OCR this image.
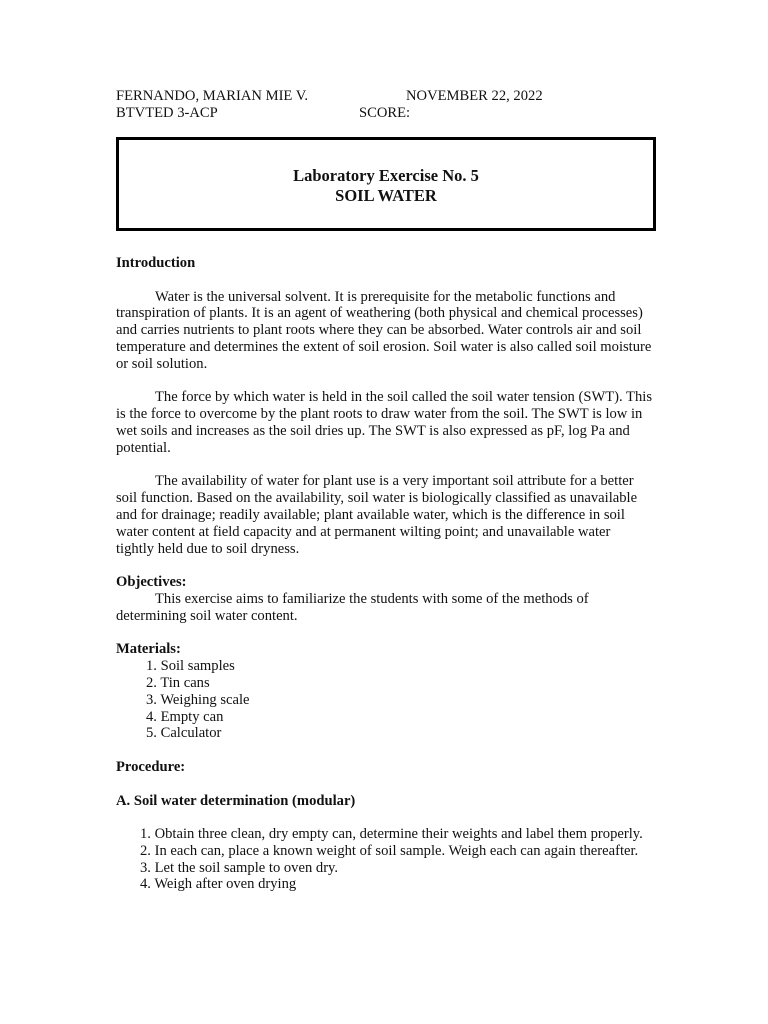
FERNANDO, MARIAN MIE V.	NOVEMBER 22, 2022
BTVTED 3-ACP	SCORE:
Laboratory Exercise No. 5
SOIL WATER

Introduction

Water is the universal solvent. It is prerequisite for the metabolic functions and transpiration of plants. It is an agent of weathering (both physical and chemical processes) and carries nutrients to plant roots where they can be absorbed. Water controls air and soil temperature and determines the extent of soil erosion. Soil water is also called soil moisture or soil solution.

The force by which water is held in the soil called the soil water tension (SWT). This is the force to overcome by the plant roots to draw water from the soil. The SWT is low in wet soils and increases as the soil dries up. The SWT is also expressed as pF, log Pa and potential.

The availability of water for plant use is a very important soil attribute for a better soil function. Based on the availability, soil water is biologically classified as unavailable and for drainage; readily available; plant available water, which is the difference in soil water content at field capacity and at permanent wilting point; and unavailable water tightly held due to soil dryness.

Objectives:

This exercise aims to familiarize the students with some of the methods of determining soil water content.

Materials:

1. Soil samples
2. Tin cans
3. Weighing scale
4. Empty can
5. Calculator

Procedure:

A. Soil water determination (modular)

1. Obtain three clean, dry empty can, determine their weights and label them properly.

2. In each can, place a known weight of soil sample. Weigh each can again thereafter.

3. Let the soil sample to oven dry.

4. Weigh after oven drying
